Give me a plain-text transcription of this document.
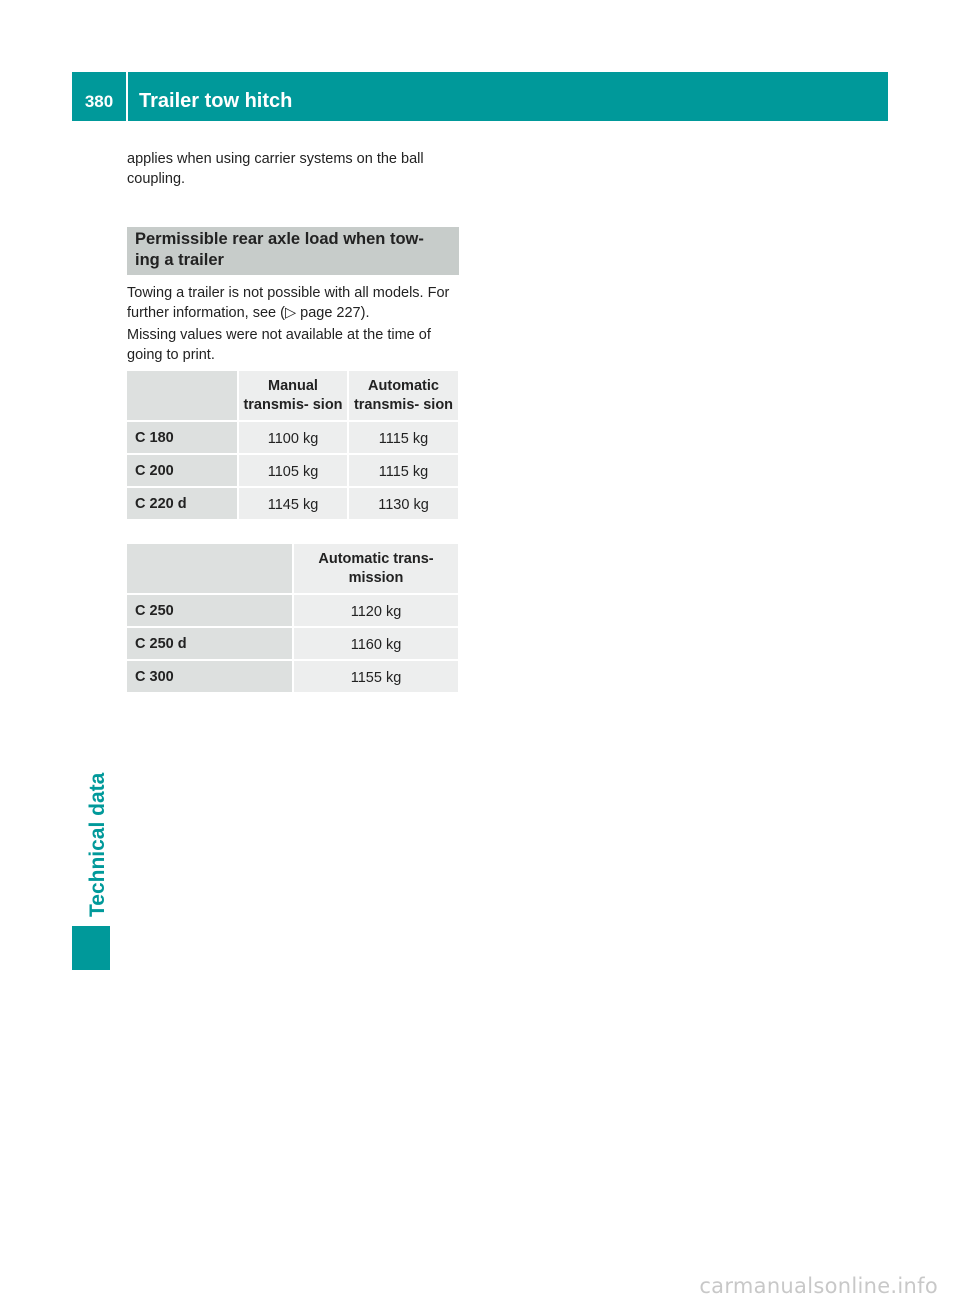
380	Trailer tow hitch

applies when using carrier systems on the ball coupling.

Permissible rear axle load when tow- ing a trailer

Towing a trailer is not possible with all models. For further information, see (▷ page 227).

Missing values were not available at the time of going to print.

	Manual transmis- sion	Automatic transmis- sion
C 180	1100 kg	1115 kg
C 200	1105 kg	1115 kg
C 220 d	1145 kg	1130 kg
	Automatic trans- mission
C 250	1120 kg
C 250 d	1160 kg
C 300	1155 kg
Technical data
carmanualsonline.info
